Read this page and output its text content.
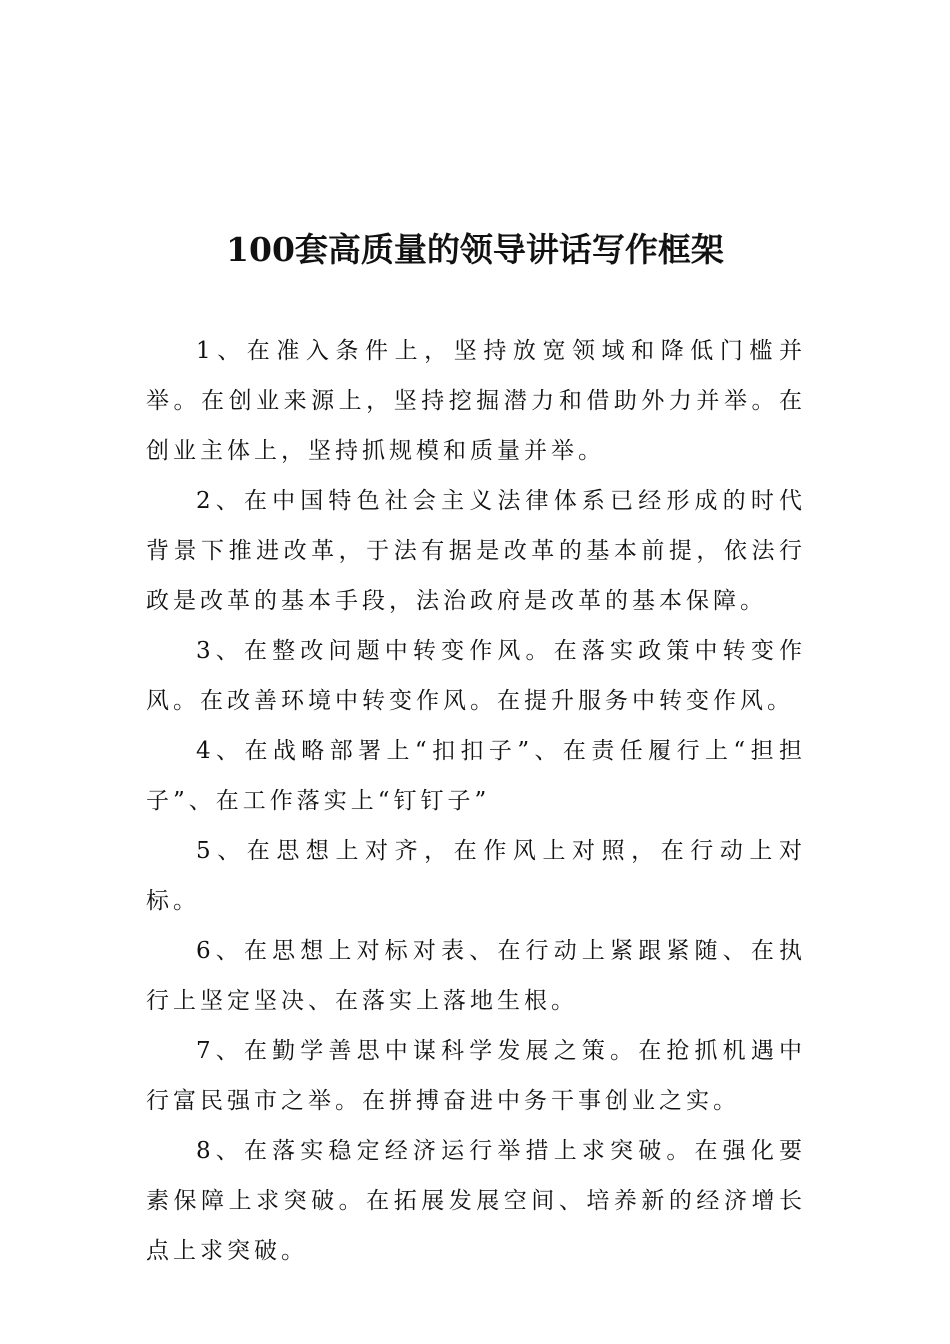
100套高质量的领导讲话写作框架

1、在准入条件上，坚持放宽领域和降低门槛并举。在创业来源上，坚持挖掘潜力和借助外力并举。在创业主体上，坚持抓规模和质量并举。

2、在中国特色社会主义法律体系已经形成的时代背景下推进改革，于法有据是改革的基本前提，依法行政是改革的基本手段，法治政府是改革的基本保障。

3、在整改问题中转变作风。在落实政策中转变作风。在改善环境中转变作风。在提升服务中转变作风。

4、在战略部署上“扣扣子”、在责任履行上“担担子”、在工作落实上“钉钉子”

5、在思想上对齐，在作风上对照，在行动上对标。

6、在思想上对标对表、在行动上紧跟紧随、在执行上坚定坚决、在落实上落地生根。

7、在勤学善思中谋科学发展之策。在抢抓机遇中行富民强市之举。在拼搏奋进中务干事创业之实。

8、在落实稳定经济运行举措上求突破。在强化要素保障上求突破。在拓展发展空间、培养新的经济增长点上求突破。
